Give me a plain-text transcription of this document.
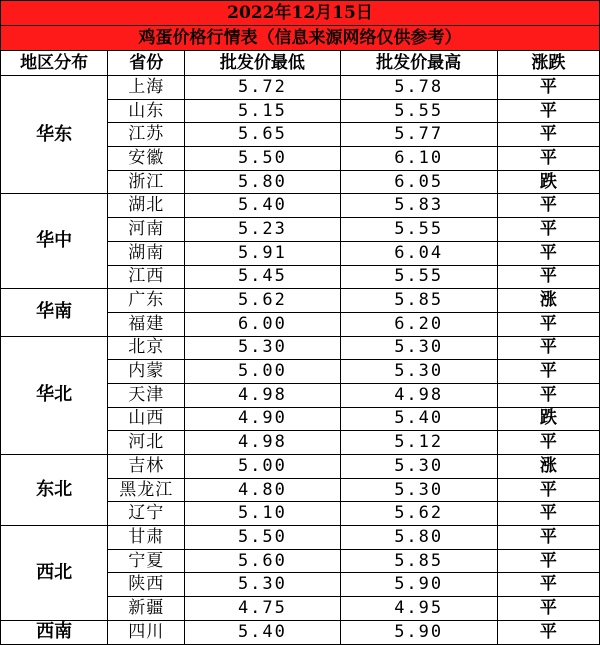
2022年12月15日				
鸡蛋价格行情表（信息来源网络仅供参考）				
地区分布	省份	批发价最低	批发价最高	涨跌
华东	上海	5.72	5.78	平
	山东	5.15	5.55	平
	江苏	5.65	5.77	平
	安徽	5.50	6.10	平
	浙江	5.80	6.05	跌
华中	湖北	5.40	5.83	平
	河南	5.23	5.55	平
	湖南	5.91	6.04	平
	江西	5.45	5.55	平
华南	广东	5.62	5.85	涨
	福建	6.00	6.20	平
华北	北京	5.30	5.30	平
	内蒙	5.00	5.30	平
	天津	4.98	4.98	平
	山西	4.90	5.40	跌
	河北	4.98	5.12	平
东北	吉林	5.00	5.30	涨
	黑龙江	4.80	5.30	平
	辽宁	5.10	5.62	平
西北	甘肃	5.50	5.80	平
	宁夏	5.60	5.85	平
	陕西	5.30	5.90	平
	新疆	4.75	4.95	平
西南	四川	5.40	5.90	平
